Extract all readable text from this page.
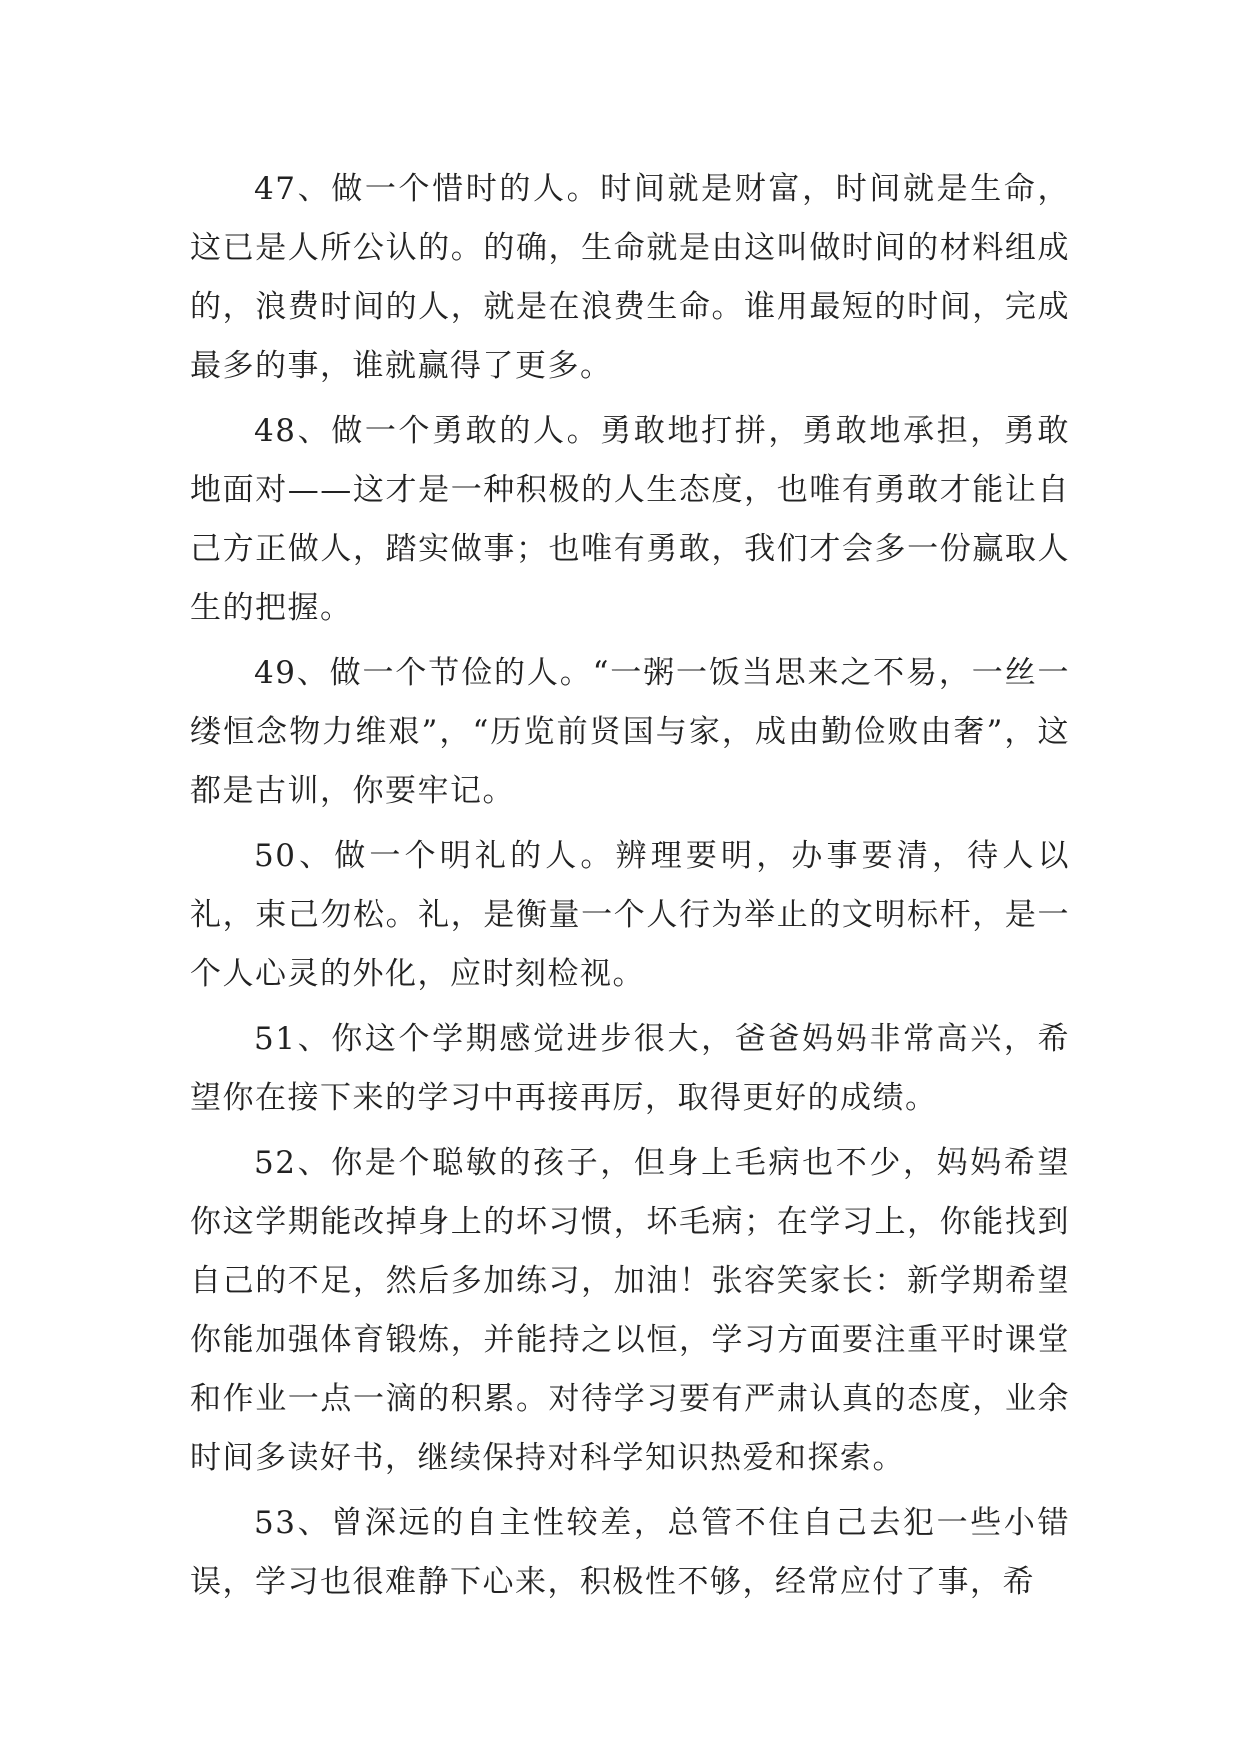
47、做一个惜时的人。时间就是财富，时间就是生命，这已是人所公认的。的确，生命就是由这叫做时间的材料组成的，浪费时间的人，就是在浪费生命。谁用最短的时间，完成最多的事，谁就赢得了更多。

48、做一个勇敢的人。勇敢地打拼，勇敢地承担，勇敢地面对——这才是一种积极的人生态度，也唯有勇敢才能让自己方正做人，踏实做事；也唯有勇敢，我们才会多一份赢取人生的把握。

49、做一个节俭的人。“一粥一饭当思来之不易，一丝一缕恒念物力维艰”，“历览前贤国与家，成由勤俭败由奢”，这都是古训，你要牢记。

50、做一个明礼的人。辨理要明，办事要清，待人以礼，束己勿松。礼，是衡量一个人行为举止的文明标杆，是一个人心灵的外化，应时刻检视。

51、你这个学期感觉进步很大，爸爸妈妈非常高兴，希望你在接下来的学习中再接再厉，取得更好的成绩。

52、你是个聪敏的孩子，但身上毛病也不少，妈妈希望你这学期能改掉身上的坏习惯，坏毛病；在学习上，你能找到自己的不足，然后多加练习，加油！张容笑家长：新学期希望你能加强体育锻炼，并能持之以恒，学习方面要注重平时课堂和作业一点一滴的积累。对待学习要有严肃认真的态度，业余时间多读好书，继续保持对科学知识热爱和探索。

53、曾深远的自主性较差，总管不住自己去犯一些小错误，学习也很难静下心来，积极性不够，经常应付了事，希
